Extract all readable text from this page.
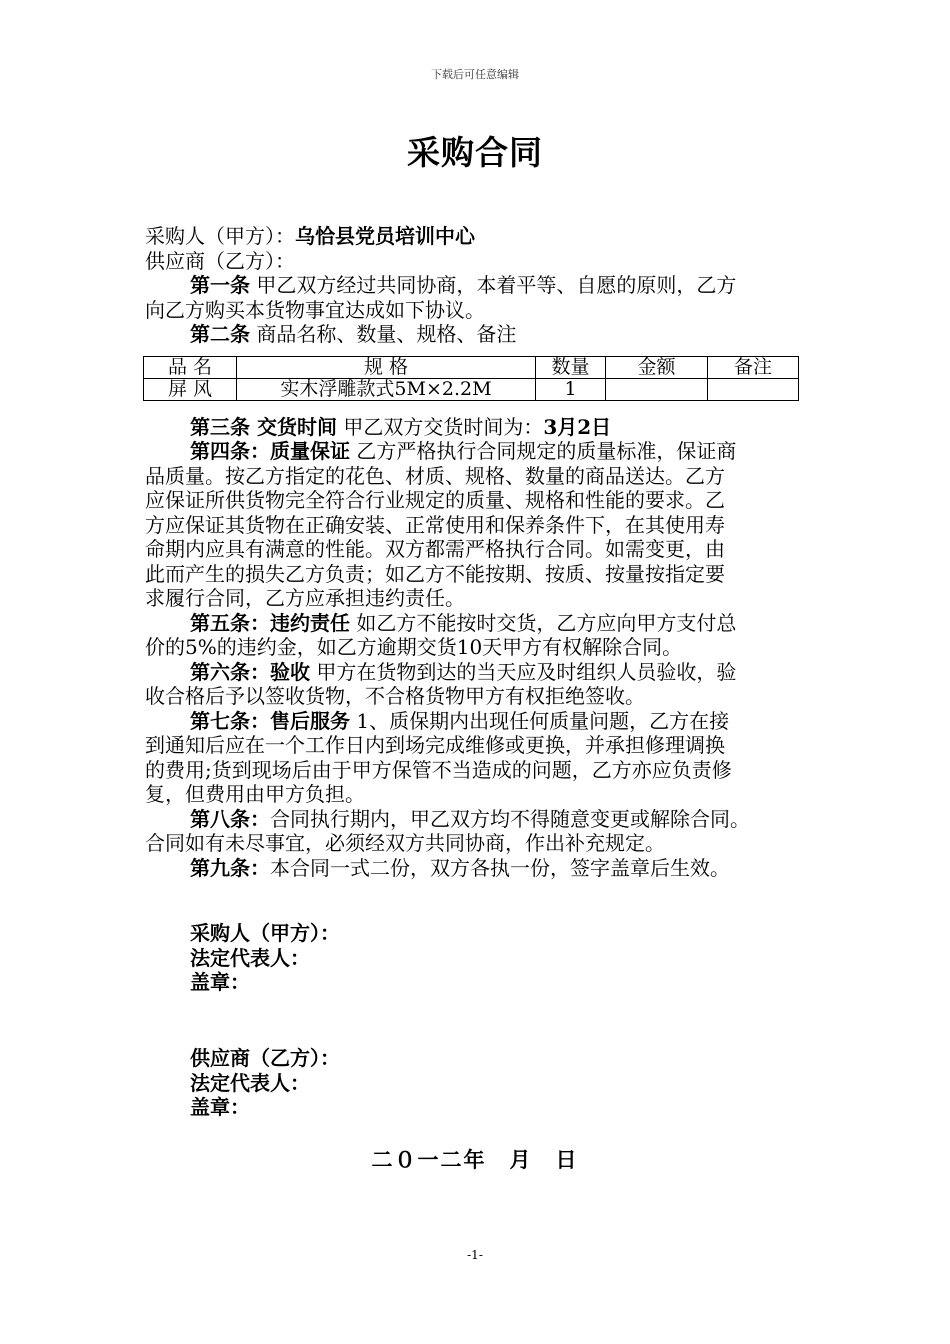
下载后可任意编辑
采购合同
采购人（甲方）：乌恰县党员培训中心
供应商（乙方）：
第一条 甲乙双方经过共同协商，本着平等、自愿的原则，乙方
向乙方购买本货物事宜达成如下协议。
第二条 商品名称、数量、规格、备注
品 名	规 格	数量	金额	备注
屏 风	实木浮雕款式5M×2.2M	1		
第三条 交货时间 甲乙双方交货时间为：3月2日
第四条：质量保证 乙方严格执行合同规定的质量标准，保证商
品质量。按乙方指定的花色、材质、规格、数量的商品送达。乙方
应保证所供货物完全符合行业规定的质量、规格和性能的要求。乙
方应保证其货物在正确安装、正常使用和保养条件下，在其使用寿
命期内应具有满意的性能。双方都需严格执行合同。如需变更，由
此而产生的损失乙方负责；如乙方不能按期、按质、按量按指定要
求履行合同，乙方应承担违约责任。
第五条：违约责任 如乙方不能按时交货，乙方应向甲方支付总
价的5%的违约金，如乙方逾期交货10天甲方有权解除合同。
第六条：验收 甲方在货物到达的当天应及时组织人员验收，验
收合格后予以签收货物，不合格货物甲方有权拒绝签收。
第七条：售后服务 1、质保期内出现任何质量问题，乙方在接
到通知后应在一个工作日内到场完成维修或更换，并承担修理调换
的费用;货到现场后由于甲方保管不当造成的问题，乙方亦应负责修
复，但费用由甲方负担。
第八条：合同执行期内，甲乙双方均不得随意变更或解除合同。
合同如有未尽事宜，必须经双方共同协商，作出补充规定。
第九条：本合同一式二份，双方各执一份，签字盖章后生效。
采购人（甲方）：
法定代表人：
盖章：
供应商（乙方）：
法定代表人：
盖章：
二０一二年　月　日
-1-
